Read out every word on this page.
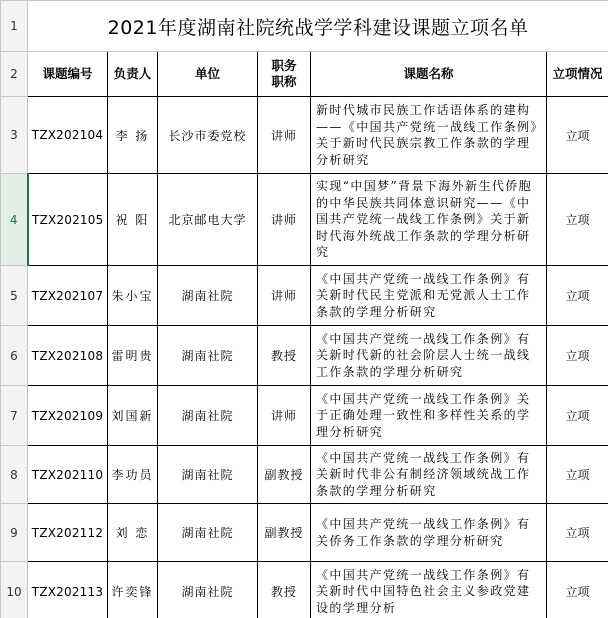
1	2021年度湖南社院统战学学科建设课题立项名单					
2	课题编号	负责人	单位	职务职称	课题名称	立项情况
3	TZX202104	李 扬	长沙市委党校	讲师	新时代城市民族工作话语体系的建构——《中国共产党统一战线工作条例》关于新时代民族宗教工作条款的学理分析研究	立项
4	TZX202105	祝 阳	北京邮电大学	讲师	实现“中国梦”背景下海外新生代侨胞的中华民族共同体意识研究——《中国共产党统一战线工作条例》关于新时代海外统战工作条款的学理分析研究	立项
5	TZX202107	朱小宝	湖南社院	讲师	《中国共产党统一战线工作条例》有关新时代民主党派和无党派人士工作条款的学理分析研究	立项
6	TZX202108	雷明贵	湖南社院	教授	《中国共产党统一战线工作条例》有关新时代新的社会阶层人士统一战线工作条款的学理分析研究	立项
7	TZX202109	刘国新	湖南社院	讲师	《中国共产党统一战线工作条例》关于正确处理一致性和多样性关系的学理分析研究	立项
8	TZX202110	李功员	湖南社院	副教授	《中国共产党统一战线工作条例》有关新时代非公有制经济领域统战工作条款的学理分析研究	立项
9	TZX202112	刘 恋	湖南社院	副教授	《中国共产党统一战线工作条例》有关侨务工作条款的学理分析研究	立项
10	TZX202113	许奕锋	湖南社院	教授	《中国共产党统一战线工作条例》有关新时代中国特色社会主义参政党建设的学理分析	立项
